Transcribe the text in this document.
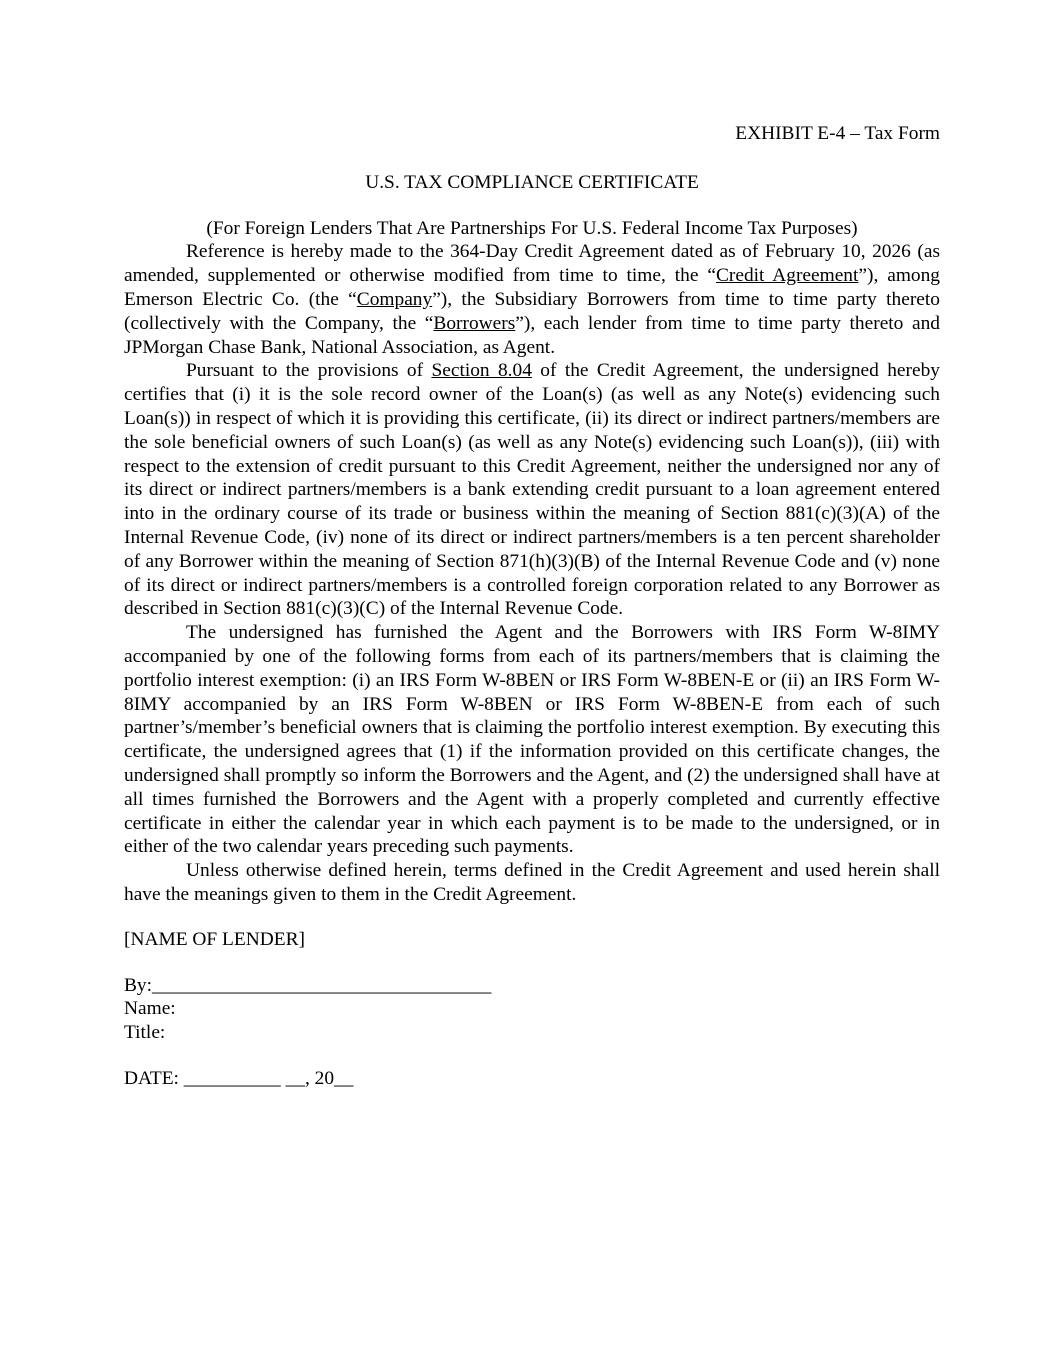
EXHIBIT E-4 – Tax Form

U.S. TAX COMPLIANCE CERTIFICATE

(For Foreign Lenders That Are Partnerships For U.S. Federal Income Tax Purposes)

Reference is hereby made to the 364-Day Credit Agreement dated as of February 10, 2026 (as amended, supplemented or otherwise modified from time to time, the “Credit Agreement”), among Emerson Electric Co. (the “Company”), the Subsidiary Borrowers from time to time party thereto (collectively with the Company, the “Borrowers”), each lender from time to time party thereto and JPMorgan Chase Bank, National Association, as Agent.

Pursuant to the provisions of Section 8.04 of the Credit Agreement, the undersigned hereby certifies that (i) it is the sole record owner of the Loan(s) (as well as any Note(s) evidencing such Loan(s)) in respect of which it is providing this certificate, (ii) its direct or indirect partners/members are the sole beneficial owners of such Loan(s) (as well as any Note(s) evidencing such Loan(s)), (iii) with respect to the extension of credit pursuant to this Credit Agreement, neither the undersigned nor any of its direct or indirect partners/members is a bank extending credit pursuant to a loan agreement entered into in the ordinary course of its trade or business within the meaning of Section 881(c)(3)(A) of the Internal Revenue Code, (iv) none of its direct or indirect partners/members is a ten percent shareholder of any Borrower within the meaning of Section 871(h)(3)(B) of the Internal Revenue Code and (v) none of its direct or indirect partners/members is a controlled foreign corporation related to any Borrower as described in Section 881(c)(3)(C) of the Internal Revenue Code.

The undersigned has furnished the Agent and the Borrowers with IRS Form W-8IMY accompanied by one of the following forms from each of its partners/members that is claiming the portfolio interest exemption: (i) an IRS Form W-8BEN or IRS Form W-8BEN-E or (ii) an IRS Form W-8IMY accompanied by an IRS Form W-8BEN or IRS Form W-8BEN-E from each of such partner’s/member’s beneficial owners that is claiming the portfolio interest exemption. By executing this certificate, the undersigned agrees that (1) if the information provided on this certificate changes, the undersigned shall promptly so inform the Borrowers and the Agent, and (2) the undersigned shall have at all times furnished the Borrowers and the Agent with a properly completed and currently effective certificate in either the calendar year in which each payment is to be made to the undersigned, or in either of the two calendar years preceding such payments.

Unless otherwise defined herein, terms defined in the Credit Agreement and used herein shall have the meanings given to them in the Credit Agreement.

[NAME OF LENDER]
By:___________________________________
Name:
Title:
DATE: __________ __, 20__
